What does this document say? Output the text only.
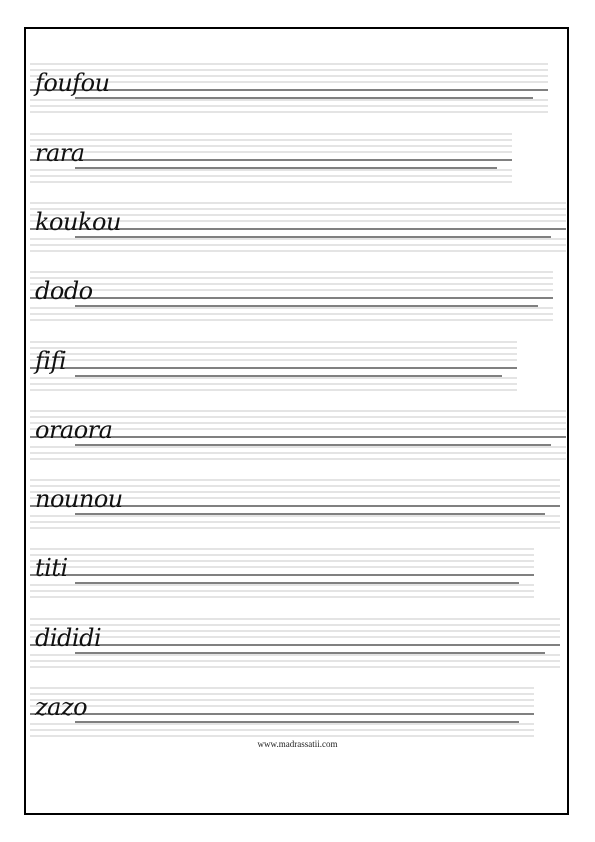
foufou
rara
koukou
dodo
fifi
oraora
nounou
titi
dididi
zazo
www.madrassatii.com
